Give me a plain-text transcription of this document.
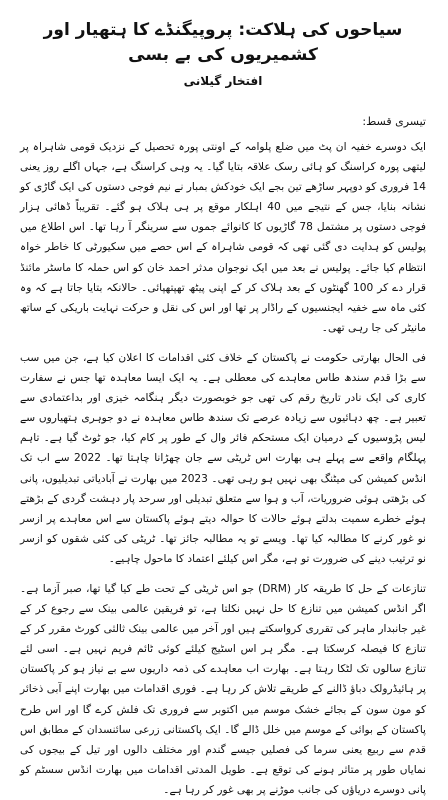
سیاحوں کی ہلاکت: پروپیگنڈے کا ہتھیار اور کشمیریوں کی بے بسی
افتخار گیلانی
تیسری قسط:

ایک دوسرے خفیہ ان پٹ میں ضلع پلوامہ کے اونتی پورہ تحصیل کے نزدیک قومی شاہراہ پر لیتھی پورہ کراسنگ کو ہائی رسک علاقہ بتایا گیا۔ یہ وہی کراسنگ ہے، جہاں اگلے روز یعنی 14 فروری کو دوپہر ساڑھے تین بجے ایک خودکش بمبار نے نیم فوجی دستوں کی ایک گاڑی کو نشانہ بنایا، جس کے نتیجے میں 40 اہلکار موقع پر ہی ہلاک ہو گئے۔ تقریباً ڈھائی ہزار فوجی دستوں پر مشتمل 78 گاڑیوں کا کانوائے جموں سے سرینگر آ رہا تھا۔ اس اطلاع میں پولیس کو ہدایت دی گئی تھی کہ قومی شاہراہ کے اس حصے میں سکیورٹی کا خاطر خواہ انتظام کیا جائے۔ پولیس نے بعد میں ایک نوجوان مدثر احمد خان کو اس حملہ کا ماسٹر مائنڈ قرار دے کر 100 گھنٹوں کے بعد ہلاک کر کے اپنی پیٹھ تھپتھپائی۔ حالانکہ بتایا جاتا ہے کہ وہ کئی ماہ سے خفیہ ایجنسیوں کے راڈار پر تھا اور اس کی نقل و حرکت نہایت باریکی کے ساتھ مانیٹر کی جا رہی تھی۔

فی الحال بھارتی حکومت نے پاکستان کے خلاف کئی اقدامات کا اعلان کیا ہے، جن میں سب سے بڑا قدم سندھ طاس معاہدے کی معطلی ہے۔ یہ ایک ایسا معاہدہ تھا جس نے سفارت کاری کی ایک نادر تاریخ رقم کی تھی جو خوبصورت دیگر ہنگامہ خیزی اور بداعتمادی سے تعبیر ہے۔ چھ دہائیوں سے زیادہ عرصے تک سندھ طاس معاہدہ نے دو جوہری ہتھیاروں سے لیس پڑوسیوں کے درمیان ایک مستحکم فائر وال کے طور پر کام کیا، جو ٹوٹ گیا ہے۔ تاہم پہلگام واقعے سے پہلے ہی بھارت اس ٹریٹی سے جان چھڑانا چاہتا تھا۔ 2022 سے اب تک انڈس کمیشن کی میٹنگ بھی نہیں ہو رہی تھی۔ 2023 میں بھارت نے آبادیاتی تبدیلیوں، پانی کی بڑھتی ہوئی ضروریات، آب و ہوا سے متعلق تبدیلی اور سرحد پار دہشت گردی کے بڑھتے ہوئے خطرے سمیت بدلتے ہوئے حالات کا حوالہ دیتے ہوئے پاکستان سے اس معاہدے پر ازسر نو غور کرنے کا مطالبہ کیا تھا۔ ویسے تو یہ مطالبہ جائز تھا۔ ٹریٹی کی کئی شقوں کو ازسر نو ترتیب دینے کی ضرورت تو ہے، مگر اس کیلئے اعتماد کا ماحول چاہیے۔

تنازعات کے حل کا طریقہ کار (DRM) جو اس ٹریٹی کے تحت طے کیا گیا تھا، صبر آزما ہے۔ اگر انڈس کمیشن میں تنازع کا حل نہیں نکلتا ہے، تو فریقین عالمی بینک سے رجوع کر کے غیر جانبدار ماہر کی تقرری کرواسکتے ہیں اور آخر میں عالمی بینک ثالثی کورٹ مقرر کر کے تنازع کا فیصلہ کرسکتا ہے۔ مگر ہر اس اسٹیج کیلئے کوئی ٹائم فریم نہیں ہے۔ اسی لئے تنازع سالوں تک لٹکا رہتا ہے۔ بھارت اب معاہدے کی ذمہ داریوں سے بے نیاز ہو کر پاکستان پر ہائیڈرولک دباؤ ڈالنے کے طریقے تلاش کر رہا ہے۔ فوری اقدامات میں بھارت اپنے آبی ذخائر کو مون سون کے بجائے خشک موسم میں اکتوبر سے فروری تک فلش کرے گا اور اس طرح پاکستان کے بوائی کے موسم میں خلل ڈالے گا۔ ایک پاکستانی زرعی سائنسدان کے مطابق اس قدم سے ربیع یعنی سرما کی فصلیں جیسے گندم اور مختلف دالوں اور تیل کے بیجوں کی نمایاں طور پر متاثر ہونے کی توقع ہے۔ طویل المدتی اقدامات میں بھارت انڈس سسٹم کو پانی دوسرے دریاؤں کی جانب موڑنے پر بھی غور کر رہا ہے۔
